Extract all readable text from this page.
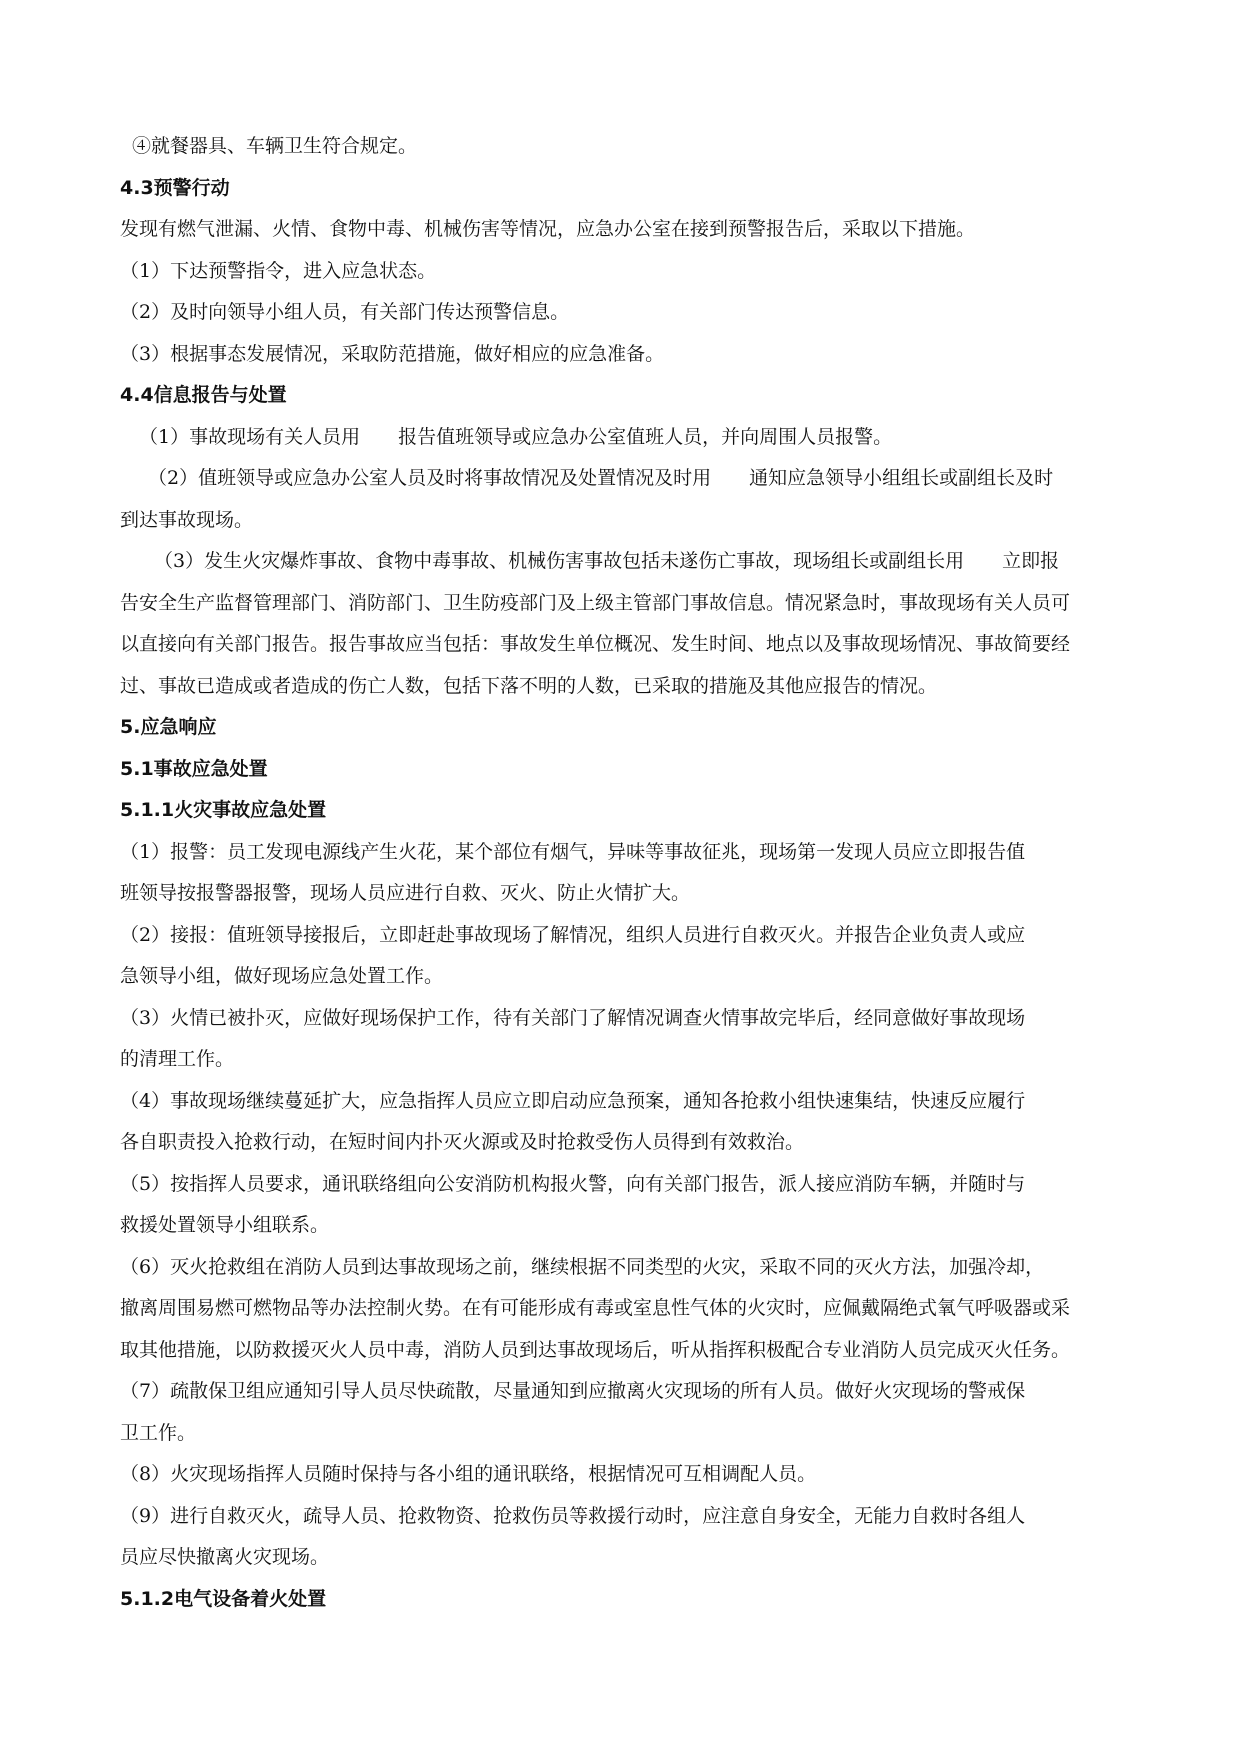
④就餐器具、车辆卫生符合规定。

4.3预警行动

发现有燃气泄漏、火情、食物中毒、机械伤害等情况，应急办公室在接到预警报告后，采取以下措施。

（1）下达预警指令，进入应急状态。

（2）及时向领导小组人员，有关部门传达预警信息。

（3）根据事态发展情况，采取防范措施，做好相应的应急准备。

4.4信息报告与处置

（1）事故现场有关人员用　　报告值班领导或应急办公室值班人员，并向周围人员报警。

（2）值班领导或应急办公室人员及时将事故情况及处置情况及时用　　通知应急领导小组组长或副组长及时

到达事故现场。

（3）发生火灾爆炸事故、食物中毒事故、机械伤害事故包括未遂伤亡事故，现场组长或副组长用　　立即报

告安全生产监督管理部门、消防部门、卫生防疫部门及上级主管部门事故信息。情况紧急时，事故现场有关人员可

以直接向有关部门报告。报告事故应当包括：事故发生单位概况、发生时间、地点以及事故现场情况、事故简要经

过、事故已造成或者造成的伤亡人数，包括下落不明的人数，已采取的措施及其他应报告的情况。

5.应急响应

5.1事故应急处置

5.1.1火灾事故应急处置

（1）报警：员工发现电源线产生火花，某个部位有烟气，异味等事故征兆，现场第一发现人员应立即报告值

班领导按报警器报警，现场人员应进行自救、灭火、防止火情扩大。

（2）接报：值班领导接报后，立即赶赴事故现场了解情况，组织人员进行自救灭火。并报告企业负责人或应

急领导小组，做好现场应急处置工作。

（3）火情已被扑灭，应做好现场保护工作，待有关部门了解情况调查火情事故完毕后，经同意做好事故现场

的清理工作。

（4）事故现场继续蔓延扩大，应急指挥人员应立即启动应急预案，通知各抢救小组快速集结，快速反应履行

各自职责投入抢救行动，在短时间内扑灭火源或及时抢救受伤人员得到有效救治。

（5）按指挥人员要求，通讯联络组向公安消防机构报火警，向有关部门报告，派人接应消防车辆，并随时与

救援处置领导小组联系。

（6）灭火抢救组在消防人员到达事故现场之前，继续根据不同类型的火灾，采取不同的灭火方法，加强冷却，

撤离周围易燃可燃物品等办法控制火势。在有可能形成有毒或室息性气体的火灾时，应佩戴隔绝式氧气呼吸器或采

取其他措施，以防救援灭火人员中毒，消防人员到达事故现场后，听从指挥积极配合专业消防人员完成灭火任务。

（7）疏散保卫组应通知引导人员尽快疏散，尽量通知到应撤离火灾现场的所有人员。做好火灾现场的警戒保

卫工作。

（8）火灾现场指挥人员随时保持与各小组的通讯联络，根据情况可互相调配人员。

（9）进行自救灭火，疏导人员、抢救物资、抢救伤员等救援行动时，应注意自身安全，无能力自救时各组人

员应尽快撤离火灾现场。

5.1.2电气设备着火处置
